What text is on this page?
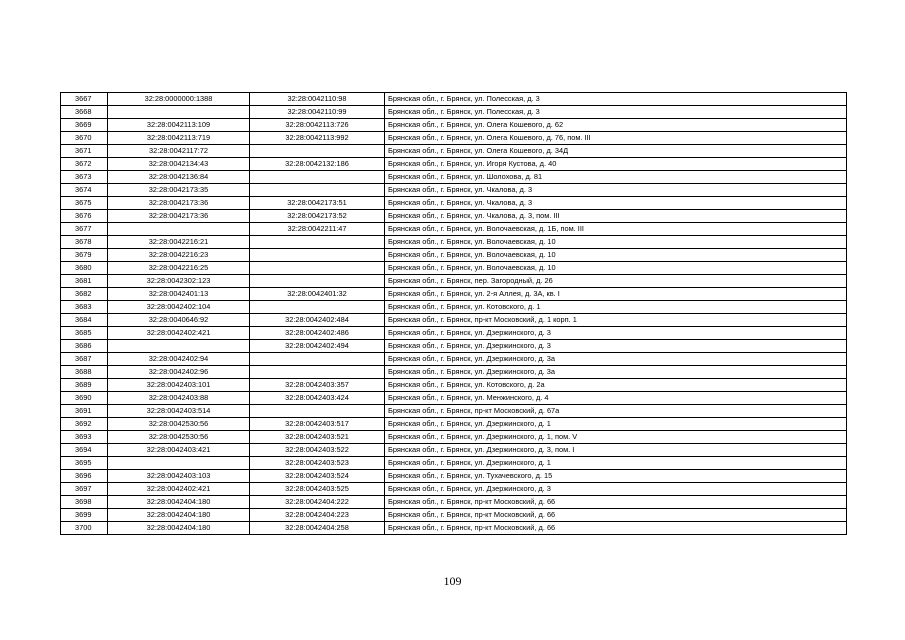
3667	32:28:0000000:1388	32:28:0042110:98	Брянская обл., г. Брянск, ул. Полесская, д. 3
3668		32:28:0042110:99	Брянская обл., г. Брянск, ул. Полесская, д. 3
3669	32:28:0042113:109	32:28:0042113:726	Брянская обл., г. Брянск, ул. Олега Кошевого, д. 62
3670	32:28:0042113:719	32:28:0042113:992	Брянская обл., г. Брянск, ул. Олега Кошевого, д. 76, пом. III
3671	32:28:0042117:72		Брянская обл., г. Брянск, ул. Олега Кошевого, д. 34Д
3672	32:28:0042134:43	32:28:0042132:186	Брянская обл., г. Брянск, ул. Игоря Кустова, д. 40
3673	32:28:0042136:84		Брянская обл., г. Брянск, ул. Шолохова, д. 81
3674	32:28:0042173:35		Брянская обл., г. Брянск, ул. Чкалова, д. 3
3675	32:28:0042173:36	32:28:0042173:51	Брянская обл., г. Брянск, ул. Чкалова, д. 3
3676	32:28:0042173:36	32:28:0042173:52	Брянская обл., г. Брянск, ул. Чкалова, д. 3, пом. III
3677		32:28:0042211:47	Брянская обл., г. Брянск, ул. Волочаевская, д. 1Б, пом. III
3678	32:28:0042216:21		Брянская обл., г. Брянск, ул. Волочаевская, д. 10
3679	32:28:0042216:23		Брянская обл., г. Брянск, ул. Волочаевская, д. 10
3680	32:28:0042216:25		Брянская обл., г. Брянск, ул. Волочаевская, д. 10
3681	32:28:0042302:123		Брянская обл., г. Брянск, пер. Загородный, д. 26
3682	32:28:0042401:13	32:28:0042401:32	Брянская обл., г. Брянск, ул. 2-я Аллея, д. 3А, кв. I
3683	32:28:0042402:104		Брянская обл., г. Брянск, ул. Котовского, д. 1
3684	32:28:0040646:92	32:28:0042402:484	Брянская обл., г. Брянск, пр-кт Московский, д. 1 корп. 1
3685	32:28:0042402:421	32:28:0042402:486	Брянская обл., г. Брянск, ул. Дзержинского, д. 3
3686		32:28:0042402:494	Брянская обл., г. Брянск, ул. Дзержинского, д. 3
3687	32:28:0042402:94		Брянская обл., г. Брянск, ул. Дзержинского, д. 3а
3688	32:28:0042402:96		Брянская обл., г. Брянск, ул. Дзержинского, д. 3а
3689	32:28:0042403:101	32:28:0042403:357	Брянская обл., г. Брянск, ул. Котовского, д. 2а
3690	32:28:0042403:88	32:28:0042403:424	Брянская обл., г. Брянск, ул. Менжинского, д. 4
3691	32:28:0042403:514		Брянская обл., г. Брянск, пр-кт Московский, д. 67а
3692	32:28:0042530:56	32:28:0042403:517	Брянская обл., г. Брянск, ул. Дзержинского, д. 1
3693	32:28:0042530:56	32:28:0042403:521	Брянская обл., г. Брянск, ул. Дзержинского, д. 1, пом. V
3694	32:28:0042403:421	32:28:0042403:522	Брянская обл., г. Брянск, ул. Дзержинского, д. 3, пом. I
3695		32:28:0042403:523	Брянская обл., г. Брянск, ул. Дзержинского, д. 1
3696	32:28:0042403:103	32:28:0042403:524	Брянская обл., г. Брянск, ул. Тухачевского, д. 15
3697	32:28:0042402:421	32:28:0042403:525	Брянская обл., г. Брянск, ул. Дзержинского, д. 3
3698	32:28:0042404:180	32:28:0042404:222	Брянская обл., г. Брянск, пр-кт Московский, д. 66
3699	32:28:0042404:180	32:28:0042404:223	Брянская обл., г. Брянск, пр-кт Московский, д. 66
3700	32:28:0042404:180	32:28:0042404:258	Брянская обл., г. Брянск, пр-кт Московский, д. 66
109
